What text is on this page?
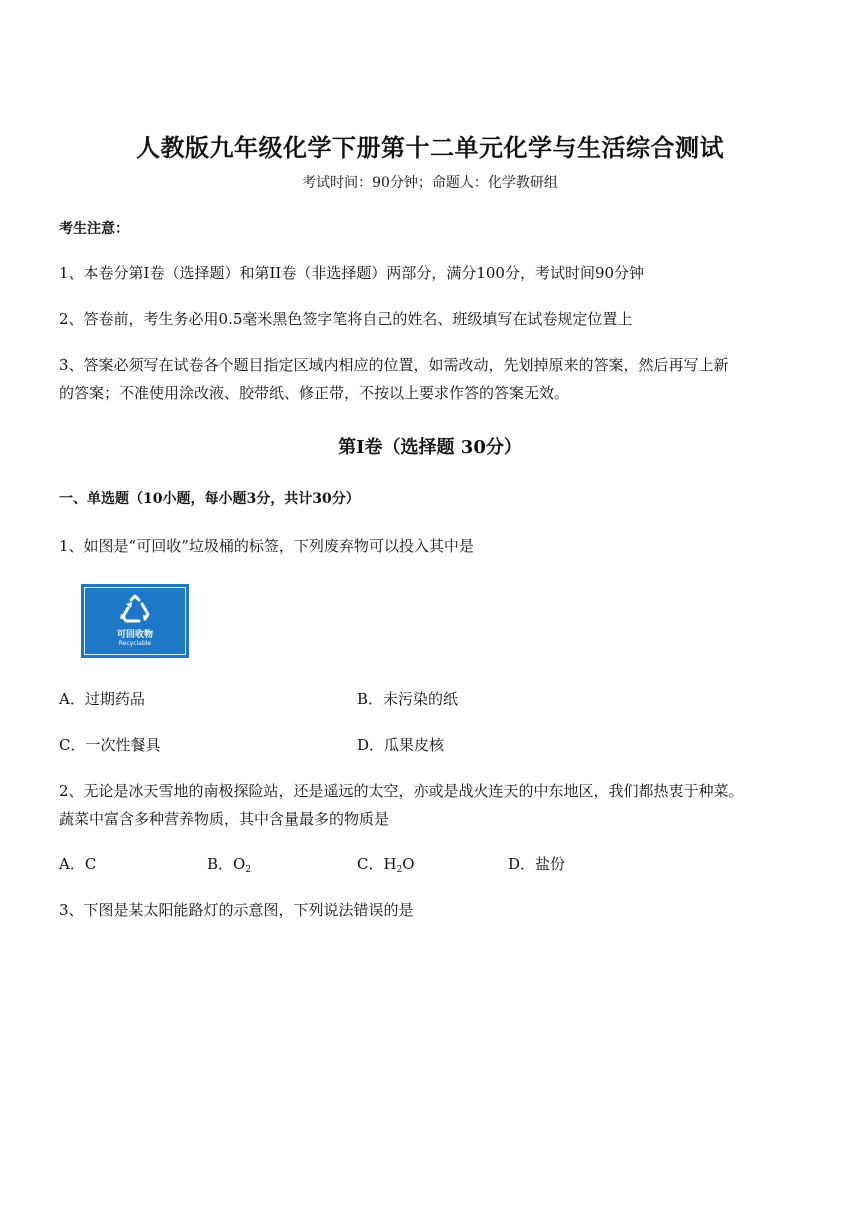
人教版九年级化学下册第十二单元化学与生活综合测试
考试时间：90分钟；命题人：化学教研组
考生注意：
1、本卷分第I卷（选择题）和第II卷（非选择题）两部分，满分100分，考试时间90分钟
2、答卷前，考生务必用0.5毫米黑色签字笔将自己的姓名、班级填写在试卷规定位置上
3、答案必须写在试卷各个题目指定区域内相应的位置，如需改动，先划掉原来的答案，然后再写上新
的答案；不准使用涂改液、胶带纸、修正带，不按以上要求作答的答案无效。
第I卷（选择题 30分）
一、单选题（10小题，每小题3分，共计30分）
1、如图是“可回收”垃圾桶的标签，下列废弃物可以投入其中是
可回收物
Recyclable
A．过期药品	B．未污染的纸
C．一次性餐具	D．瓜果皮核
2、无论是冰天雪地的南极探险站，还是遥远的太空，亦或是战火连天的中东地区，我们都热衷于种菜。
蔬菜中富含多种营养物质，其中含量最多的物质是
A．C	B．$O_2$	C．$H_2O$	D．盐份
3、下图是某太阳能路灯的示意图，下列说法错误的是
